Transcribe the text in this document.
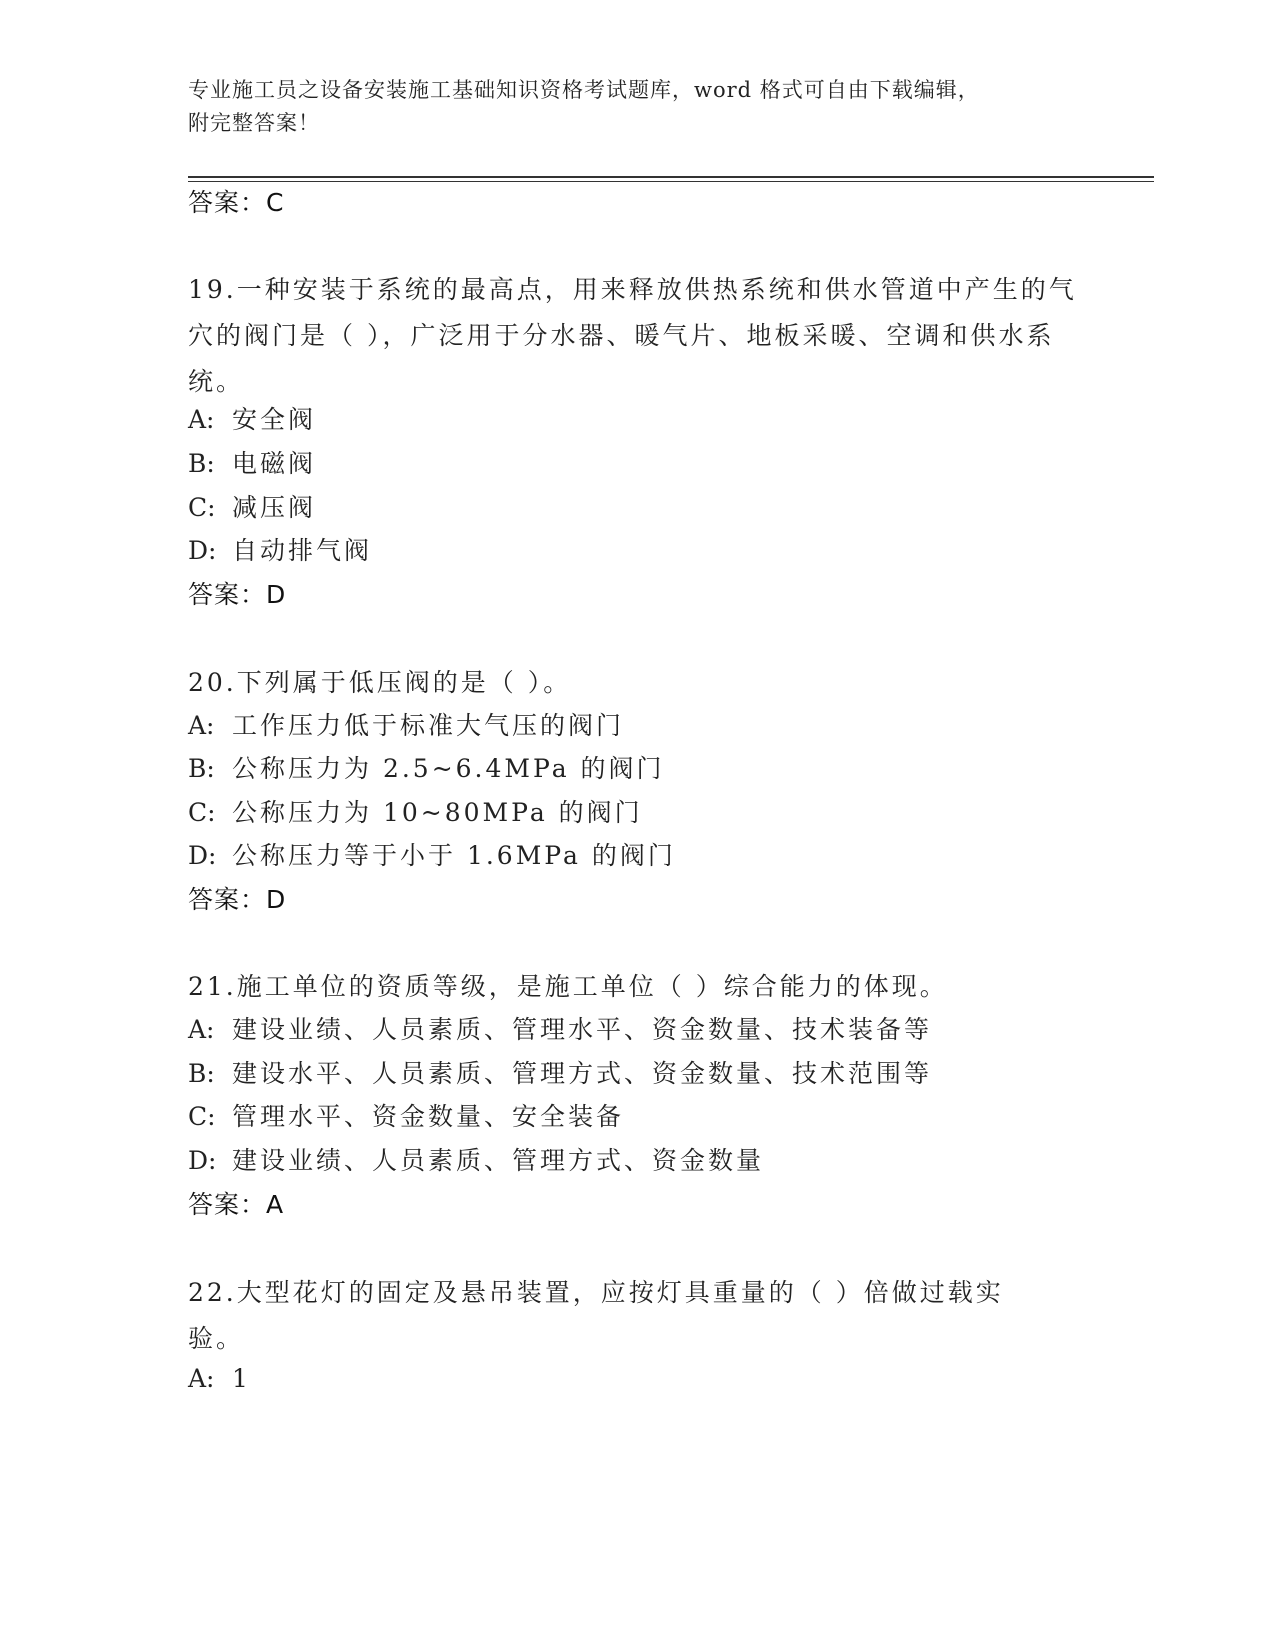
专业施工员之设备安装施工基础知识资格考试题库，word 格式可自由下载编辑，
附完整答案！
答案：C
19.一种安装于系统的最高点，用来释放供热系统和供水管道中产生的气穴的阀门是（ ），广泛用于分水器、暖气片、地板采暖、空调和供水系统。
A: 安全阀
B: 电磁阀
C: 减压阀
D: 自动排气阀
答案：D
20.下列属于低压阀的是（ ）。
A: 工作压力低于标准大气压的阀门
B: 公称压力为 2.5~6.4MPa 的阀门
C: 公称压力为 10~80MPa 的阀门
D: 公称压力等于小于 1.6MPa 的阀门
答案：D
21.施工单位的资质等级，是施工单位（ ）综合能力的体现。
A: 建设业绩、人员素质、管理水平、资金数量、技术装备等
B: 建设水平、人员素质、管理方式、资金数量、技术范围等
C: 管理水平、资金数量、安全装备
D: 建设业绩、人员素质、管理方式、资金数量
答案：A
22.大型花灯的固定及悬吊装置，应按灯具重量的（ ）倍做过载实验。
A: 1
